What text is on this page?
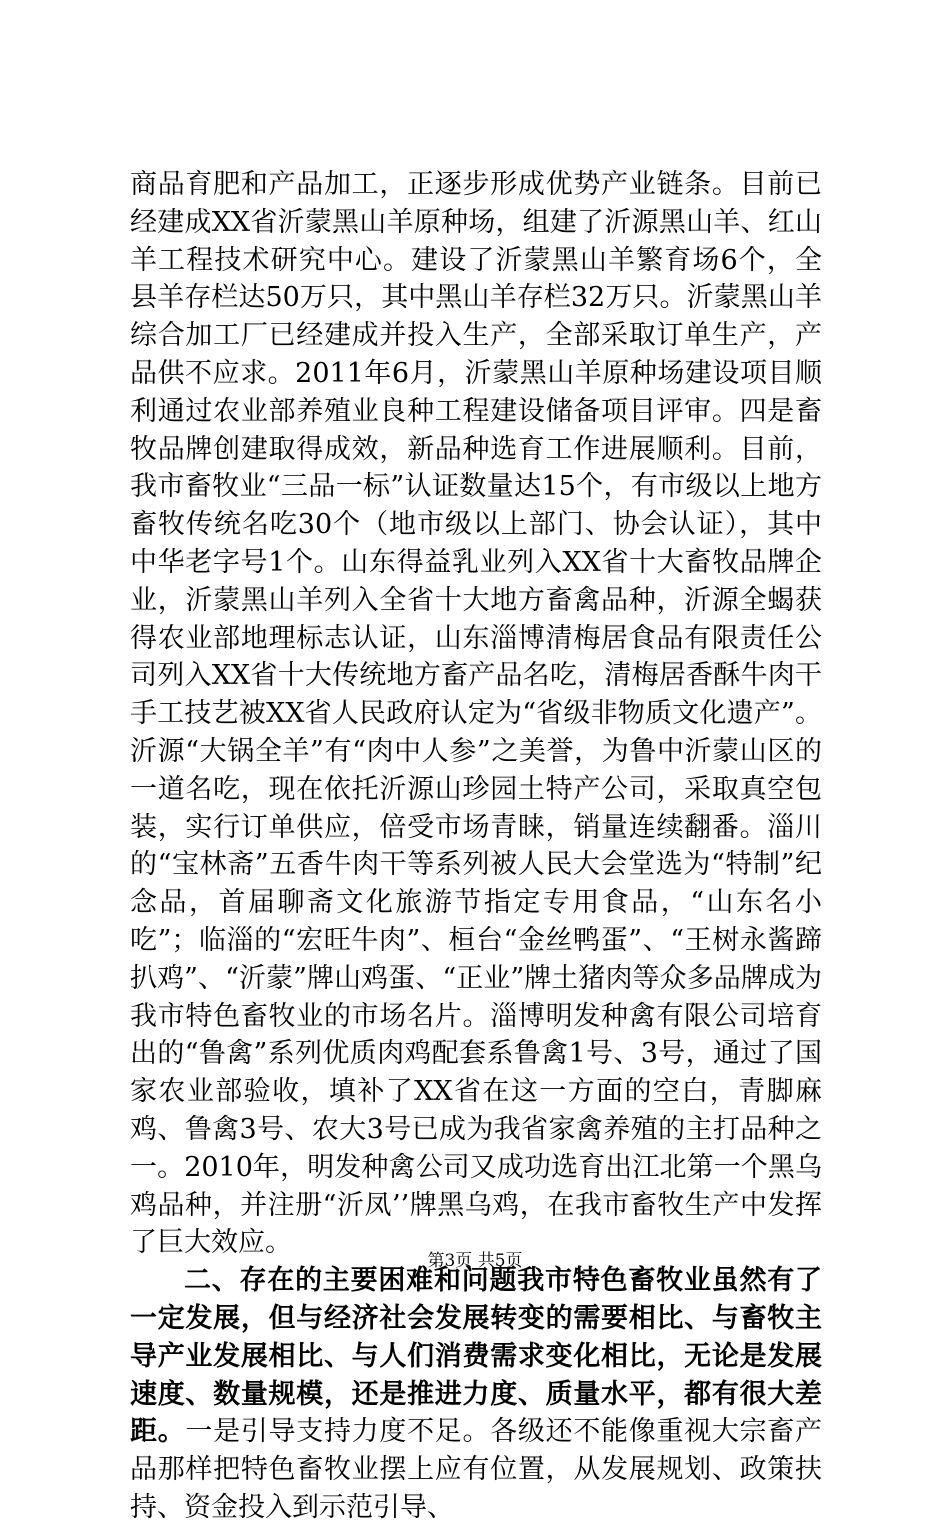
商品育肥和产品加工，正逐步形成优势产业链条。目前已经建成XX省沂蒙黑山羊原种场，组建了沂源黑山羊、红山羊工程技术研究中心。建设了沂蒙黑山羊繁育场6个，全县羊存栏达50万只，其中黑山羊存栏32万只。沂蒙黑山羊综合加工厂已经建成并投入生产，全部采取订单生产，产品供不应求。2011年6月，沂蒙黑山羊原种场建设项目顺利通过农业部养殖业良种工程建设储备项目评审。四是畜牧品牌创建取得成效，新品种选育工作进展顺利。目前，我市畜牧业“三品一标”认证数量达15个，有市级以上地方畜牧传统名吃30个（地市级以上部门、协会认证），其中中华老字号1个。山东得益乳业列入XX省十大畜牧品牌企业，沂蒙黑山羊列入全省十大地方畜禽品种，沂源全蝎获得农业部地理标志认证，山东淄博清梅居食品有限责任公司列入XX省十大传统地方畜产品名吃，清梅居香酥牛肉干手工技艺被XX省人民政府认定为“省级非物质文化遗产”。沂源“大锅全羊”有“肉中人参”之美誉，为鲁中沂蒙山区的一道名吃，现在依托沂源山珍园土特产公司，采取真空包装，实行订单供应，倍受市场青睐，销量连续翻番。淄川的“宝林斋”五香牛肉干等系列被人民大会堂选为“特制”纪念品，首届聊斋文化旅游节指定专用食品，“山东名小吃”；临淄的“宏旺牛肉”、桓台“金丝鸭蛋”、“王树永酱蹄扒鸡”、“沂蒙”牌山鸡蛋、“正业”牌土猪肉等众多品牌成为我市特色畜牧业的市场名片。淄博明发种禽有限公司培育出的“鲁禽”系列优质肉鸡配套系鲁禽1号、3号，通过了国家农业部验收，填补了XX省在这一方面的空白，青脚麻鸡、鲁禽3号、农大3号已成为我省家禽养殖的主打品种之一。2010年，明发种禽公司又成功选育出江北第一个黑乌鸡品种，并注册“沂凤’’牌黑乌鸡，在我市畜牧生产中发挥了巨大效应。

二、存在的主要困难和问题我市特色畜牧业虽然有了一定发展，但与经济社会发展转变的需要相比、与畜牧主导产业发展相比、与人们消费需求变化相比，无论是发展速度、数量规模，还是推进力度、质量水平，都有很大差距。一是引导支持力度不足。各级还不能像重视大宗畜产品那样把特色畜牧业摆上应有位置，从发展规划、政策扶持、资金投入到示范引导、

第3页 共5页
